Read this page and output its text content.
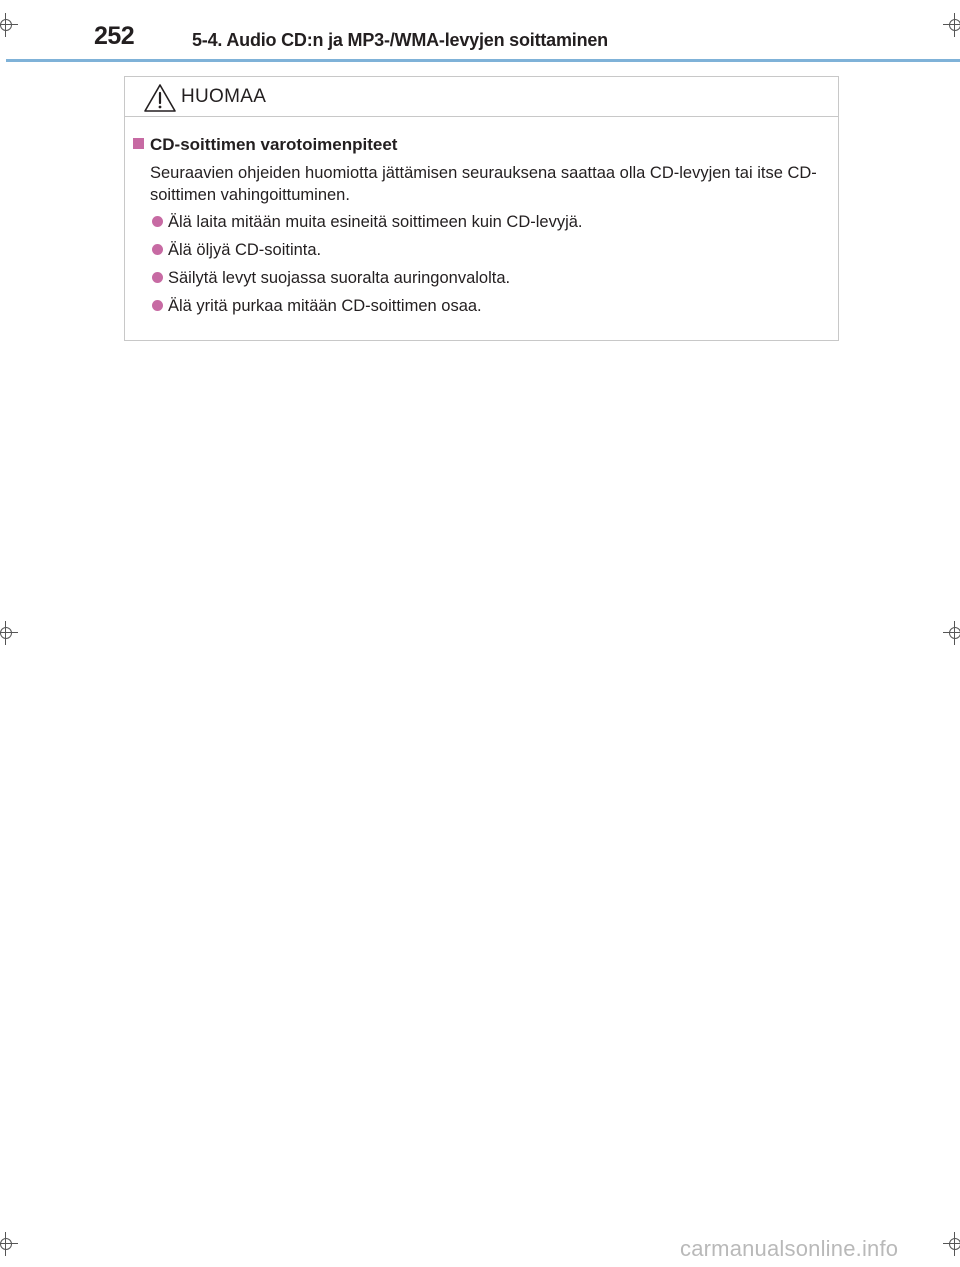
252	5-4. Audio CD:n ja MP3-/WMA-levyjen soittaminen
HUOMAA
CD-soittimen varotoimenpiteet

Seuraavien ohjeiden huomiotta jättämisen seurauksena saattaa olla CD-levyjen tai itse CD-soittimen vahingoittuminen.

Älä laita mitään muita esineitä soittimeen kuin CD-levyjä.
Älä öljyä CD-soitinta.
Säilytä levyt suojassa suoralta auringonvalolta.
Älä yritä purkaa mitään CD-soittimen osaa.
carmanualsonline.info
